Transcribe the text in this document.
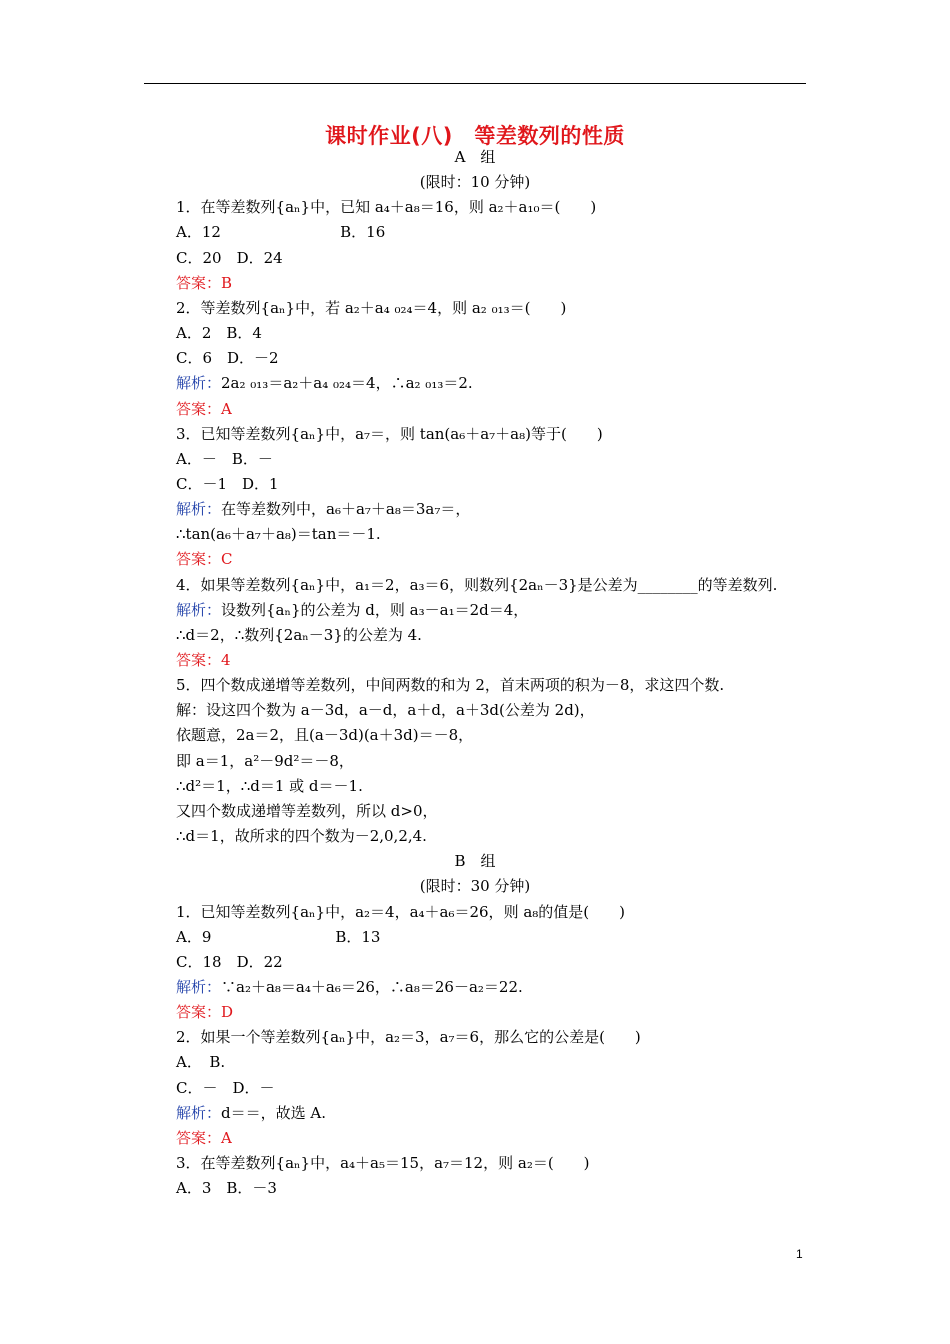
课时作业(八)　等差数列的性质
A　组
(限时：10 分钟)
1．在等差数列{aₙ}中，已知 a₄＋a₈＝16，则 a₂＋a₁₀＝(　　)
A．12                         B．16
C．20　D．24
答案：B
2．等差数列{aₙ}中，若 a₂＋a₄ ₀₂₄＝4，则 a₂ ₀₁₃＝(　　)
A．2　B．4
C．6　D．－2
解析：2a₂ ₀₁₃＝a₂＋a₄ ₀₂₄＝4，∴a₂ ₀₁₃＝2.
答案：A
3．已知等差数列{aₙ}中，a₇＝，则 tan(a₆＋a₇＋a₈)等于(　　)
A．－　B．－
C．－1　D．1
解析：在等差数列中，a₆＋a₇＋a₈＝3a₇＝，
∴tan(a₆＋a₇＋a₈)＝tan＝－1.
答案：C
4．如果等差数列{aₙ}中，a₁＝2，a₃＝6，则数列{2aₙ－3}是公差为________的等差数列.
解析：设数列{aₙ}的公差为 d，则 a₃－a₁＝2d＝4，
∴d＝2，∴数列{2aₙ－3}的公差为 4.
答案：4
5．四个数成递增等差数列，中间两数的和为 2，首末两项的积为－8，求这四个数.
解：设这四个数为 a－3d，a－d，a＋d，a＋3d(公差为 2d)，
依题意，2a＝2，且(a－3d)(a＋3d)＝－8，
即 a＝1，a²－9d²＝－8，
∴d²＝1，∴d＝1 或 d＝－1.
又四个数成递增等差数列，所以 d>0，
∴d＝1，故所求的四个数为－2,0,2,4.
B　组
(限时：30 分钟)
1．已知等差数列{aₙ}中，a₂＝4，a₄＋a₆＝26，则 a₈的值是(　　)
A．9                          B．13
C．18　D．22
解析：∵a₂＋a₈＝a₄＋a₆＝26，∴a₈＝26－a₂＝22.
答案：D
2．如果一个等差数列{aₙ}中，a₂＝3，a₇＝6，那么它的公差是(　　)
A．　B.
C．－　D．－
解析：d＝＝，故选 A.
答案：A
3．在等差数列{aₙ}中，a₄＋a₅＝15，a₇＝12，则 a₂＝(　　)
A．3　B．－3
1
